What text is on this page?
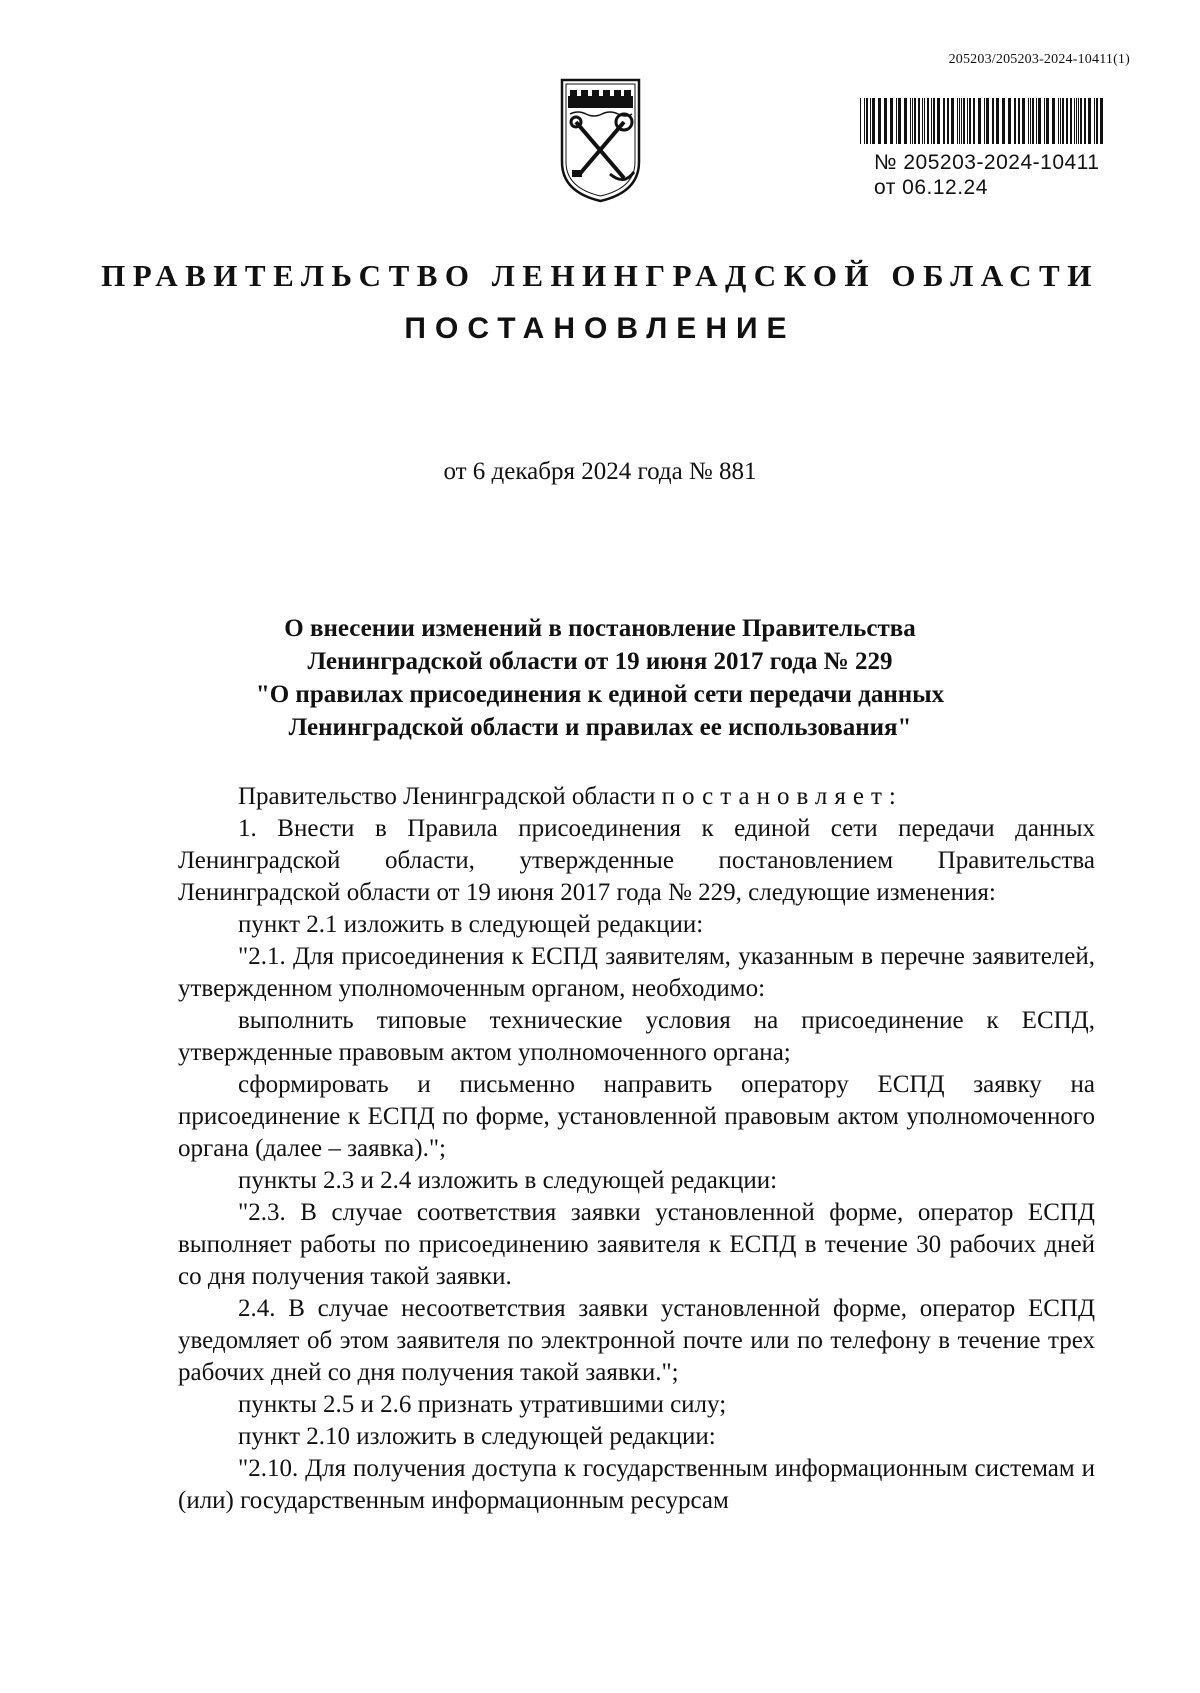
205203/205203-2024-10411(1)
№ 205203-2024-10411
от 06.12.24
ПРАВИТЕЛЬСТВО ЛЕНИНГРАДСКОЙ ОБЛАСТИ
ПОСТАНОВЛЕНИЕ
от 6 декабря 2024 года № 881
О внесении изменений в постановление Правительства
Ленинградской области от 19 июня 2017 года № 229
"О правилах присоединения к единой сети передачи данных
Ленинградской области и правилах ее использования"

Правительство Ленинградской области постановляет:

1. Внести в Правила присоединения к единой сети передачи данных Ленинградской области, утвержденные постановлением Правительства Ленинградской области от 19 июня 2017 года № 229, следующие изменения:

пункт 2.1 изложить в следующей редакции:

"2.1. Для присоединения к ЕСПД заявителям, указанным в перечне заявителей, утвержденном уполномоченным органом, необходимо:

выполнить типовые технические условия на присоединение к ЕСПД, утвержденные правовым актом уполномоченного органа;

сформировать и письменно направить оператору ЕСПД заявку на присоединение к ЕСПД по форме, установленной правовым актом уполномоченного органа (далее – заявка).";

пункты 2.3 и 2.4 изложить в следующей редакции:

"2.3. В случае соответствия заявки установленной форме, оператор ЕСПД выполняет работы по присоединению заявителя к ЕСПД в течение 30 рабочих дней со дня получения такой заявки.

2.4. В случае несоответствия заявки установленной форме, оператор ЕСПД уведомляет об этом заявителя по электронной почте или по телефону в течение трех рабочих дней со дня получения такой заявки.";

пункты 2.5 и 2.6 признать утратившими силу;

пункт 2.10 изложить в следующей редакции:

"2.10. Для получения доступа к государственным информационным системам и (или) государственным информационным ресурсам
